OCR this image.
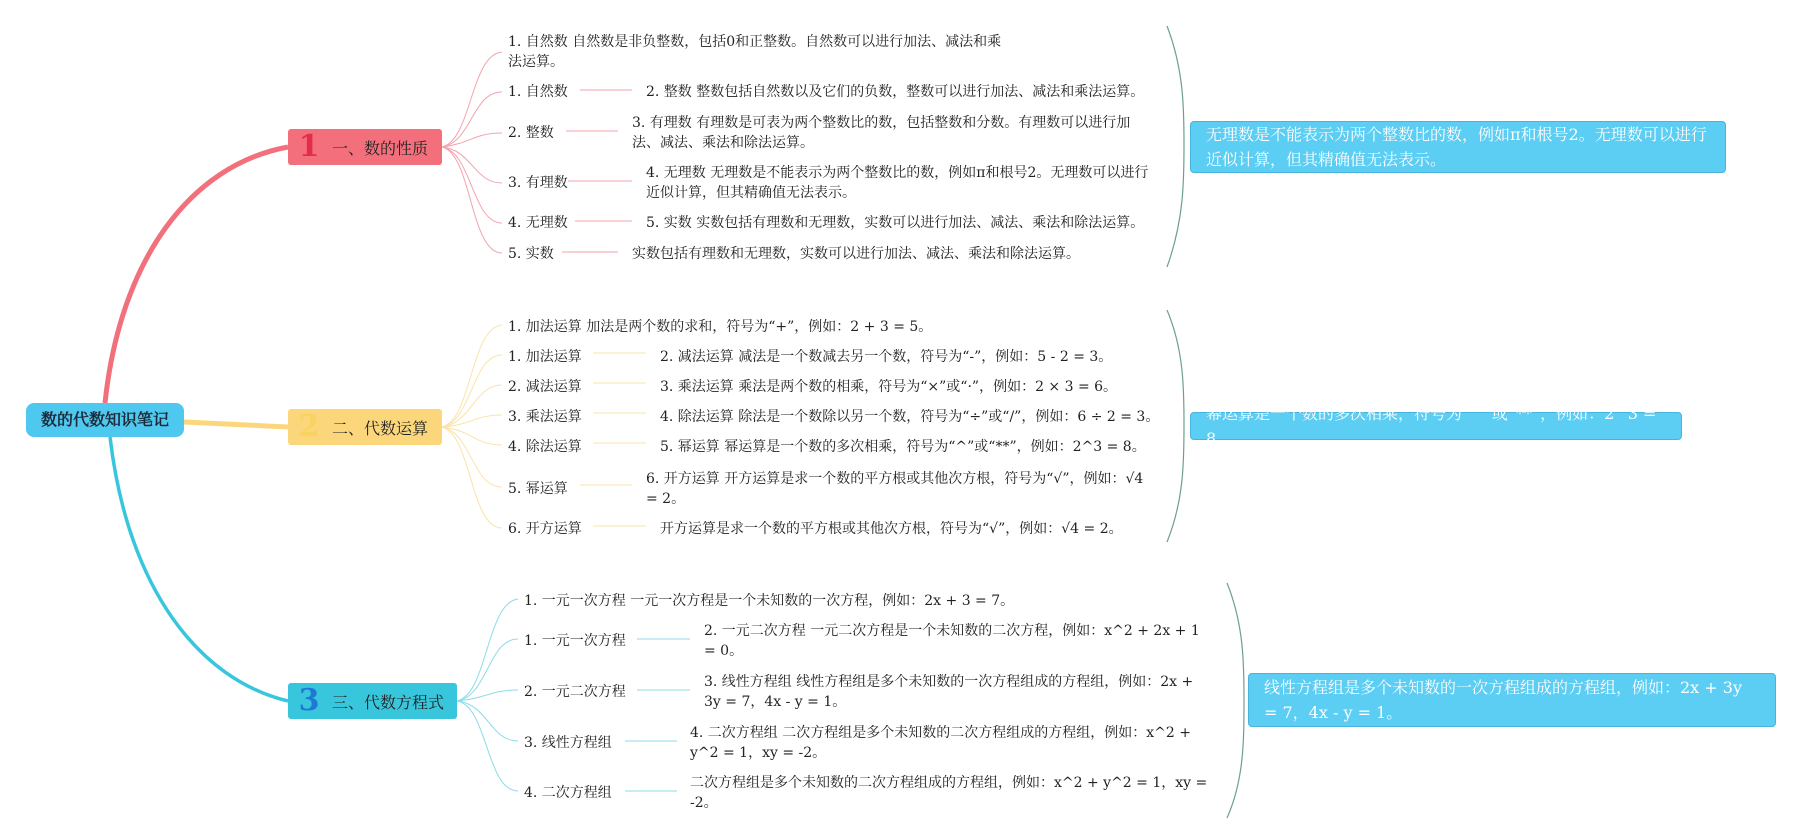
数的代数知识笔记
1 一、数的性质
1. 自然数 自然数是非负整数，包括0和正整数。自然数可以进行加法、减法和乘法运算。
1. 自然数	2. 整数 整数包括自然数以及它们的负数，整数可以进行加法、减法和乘法运算。
2. 整数
3. 有理数 有理数是可表为两个整数比的数，包括整数和分数。有理数可以进行加法、减法、乘法和除法运算。
3. 有理数
4. 无理数 无理数是不能表示为两个整数比的数，例如π和根号2。无理数可以进行近似计算，但其精确值无法表示。
4. 无理数	5. 实数 实数包括有理数和无理数，实数可以进行加法、减法、乘法和除法运算。
5. 实数	实数包括有理数和无理数，实数可以进行加法、减法、乘法和除法运算。
无理数是不能表示为两个整数比的数，例如π和根号2。无理数可以进行近似计算，但其精确值无法表示。
2 二、代数运算
1. 加法运算 加法是两个数的求和，符号为“+”，例如：2 + 3 = 5。
1. 加法运算	2. 减法运算 减法是一个数减去另一个数，符号为“-”，例如：5 - 2 = 3。
2. 减法运算	3. 乘法运算 乘法是两个数的相乘，符号为“×”或“·”，例如：2 × 3 = 6。
3. 乘法运算	4. 除法运算 除法是一个数除以另一个数，符号为“÷”或“/”，例如：6 ÷ 2 = 3。
4. 除法运算	5. 幂运算 幂运算是一个数的多次相乘，符号为“^”或“**”，例如：2^3 = 8。
5. 幂运算
6. 开方运算 开方运算是求一个数的平方根或其他次方根，符号为“√”，例如：√4 = 2。
6. 开方运算	开方运算是求一个数的平方根或其他次方根，符号为“√”，例如：√4 = 2。
幂运算是一个数的多次相乘，符号为“^”或“**”，例如：2^3 = 8。
3 三、代数方程式
1. 一元一次方程 一元一次方程是一个未知数的一次方程，例如：2x + 3 = 7。
1. 一元一次方程
2. 一元二次方程 一元二次方程是一个未知数的二次方程，例如：x^2 + 2x + 1 = 0。
2. 一元二次方程
3. 线性方程组 线性方程组是多个未知数的一次方程组成的方程组，例如：2x + 3y = 7，4x - y = 1。
3. 线性方程组
4. 二次方程组 二次方程组是多个未知数的二次方程组成的方程组，例如：x^2 + y^2 = 1，xy = -2。
4. 二次方程组
二次方程组是多个未知数的二次方程组成的方程组，例如：x^2 + y^2 = 1，xy = -2。
线性方程组是多个未知数的一次方程组成的方程组，例如：2x + 3y = 7，4x - y = 1。
